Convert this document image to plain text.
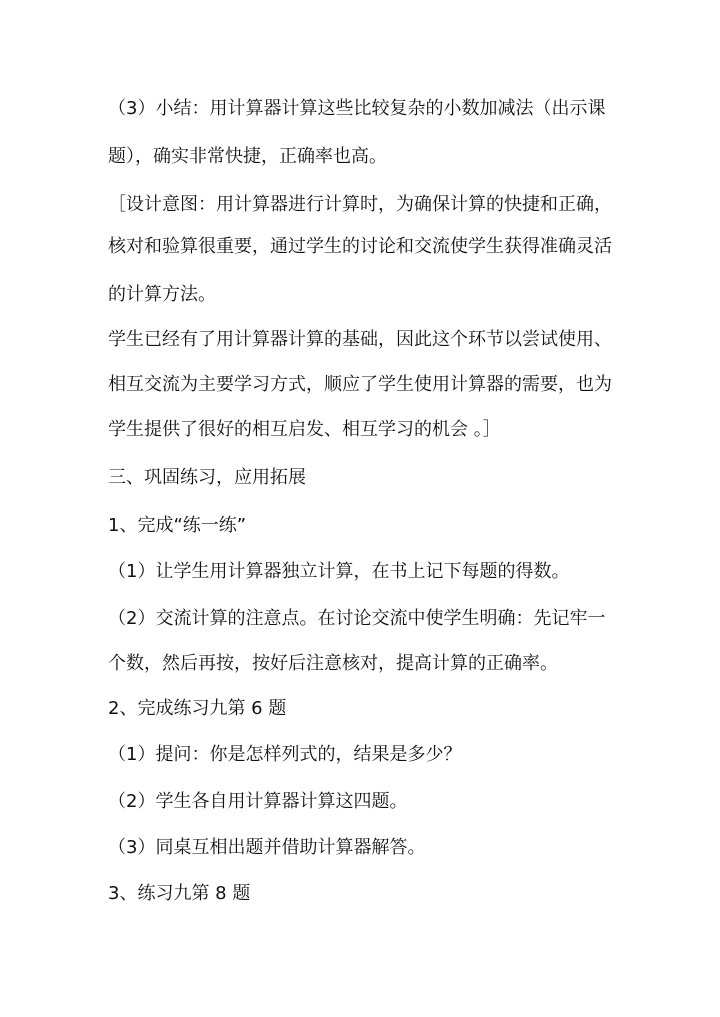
（3）小结：用计算器计算这些比较复杂的小数加减法（出示课
题），确实非常快捷，正确率也高。
［设计意图：用计算器进行计算时，为确保计算的快捷和正确，
核对和验算很重要，通过学生的讨论和交流使学生获得准确灵活
的计算方法。
学生已经有了用计算器计算的基础，因此这个环节以尝试使用、
相互交流为主要学习方式，顺应了学生使用计算器的需要，也为
学生提供了很好的相互启发、相互学习的机会 。］
三、巩固练习，应用拓展
1、完成“练一练”
（1）让学生用计算器独立计算，在书上记下每题的得数。
（2）交流计算的注意点。在讨论交流中使学生明确：先记牢一
个数，然后再按，按好后注意核对，提高计算的正确率。
2、完成练习九第 6 题
（1）提问：你是怎样列式的，结果是多少？
（2）学生各自用计算器计算这四题。
（3）同桌互相出题并借助计算器解答。
3、练习九第 8 题
